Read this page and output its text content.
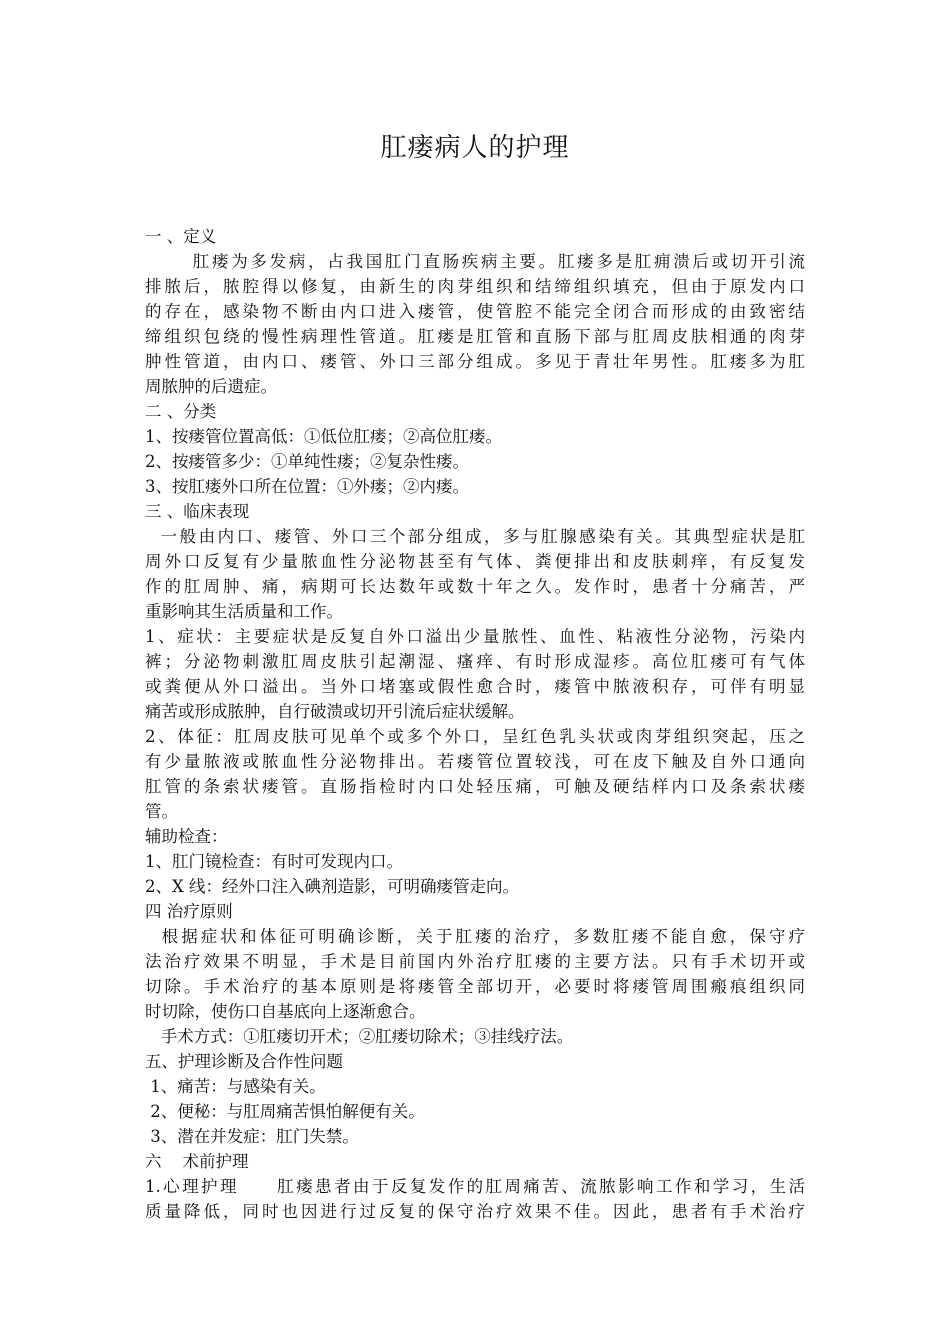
肛瘘病人的护理
一 、定义
肛瘘为多发病，占我国肛门直肠疾病主要。肛瘘多是肛痈溃后或切开引流
排脓后，脓腔得以修复，由新生的肉芽组织和结缔组织填充，但由于原发内口
的存在，感染物不断由内口进入瘘管，使管腔不能完全闭合而形成的由致密结
缔组织包绕的慢性病理性管道。肛瘘是肛管和直肠下部与肛周皮肤相通的肉芽
肿性管道，由内口、瘘管、外口三部分组成。多见于青壮年男性。肛瘘多为肛
周脓肿的后遗症。
二 、分类
1、按瘘管位置高低：①低位肛瘘；②高位肛瘘。
2、按瘘管多少：①单纯性瘘；②复杂性瘘。
3、按肛瘘外口所在位置：①外瘘；②内瘘。
三 、临床表现
一般由内口、瘘管、外口三个部分组成，多与肛腺感染有关。其典型症状是肛
周外口反复有少量脓血性分泌物甚至有气体、粪便排出和皮肤刺痒，有反复发
作的肛周肿、痛，病期可长达数年或数十年之久。发作时，患者十分痛苦，严
重影响其生活质量和工作。
1、症状：主要症状是反复自外口溢出少量脓性、血性、粘液性分泌物，污染内
裤；分泌物刺激肛周皮肤引起潮湿、瘙痒、有时形成湿疹。高位肛瘘可有气体
或粪便从外口溢出。当外口堵塞或假性愈合时，瘘管中脓液积存，可伴有明显
痛苦或形成脓肿，自行破溃或切开引流后症状缓解。
2、体征：肛周皮肤可见单个或多个外口，呈红色乳头状或肉芽组织突起，压之
有少量脓液或脓血性分泌物排出。若瘘管位置较浅，可在皮下触及自外口通向
肛管的条索状瘘管。直肠指检时内口处轻压痛，可触及硬结样内口及条索状瘘
管。
辅助检查：
1、肛门镜检查：有时可发现内口。
2、X 线：经外口注入碘剂造影，可明确瘘管走向。
四 治疗原则
根据症状和体征可明确诊断，关于肛瘘的治疗，多数肛瘘不能自愈，保守疗
法治疗效果不明显，手术是目前国内外治疗肛瘘的主要方法。只有手术切开或
切除。手术治疗的基本原则是将瘘管全部切开，必要时将瘘管周围瘢痕组织同
时切除，使伤口自基底向上逐渐愈合。
手术方式：①肛瘘切开术；②肛瘘切除术；③挂线疗法。
五、护理诊断及合作性问题
1、痛苦：与感染有关。
2、便秘：与肛周痛苦惧怕解便有关。
3、潜在并发症：肛门失禁。
六    术前护理
1.心理护理     肛瘘患者由于反复发作的肛周痛苦、流脓影响工作和学习，生活
质量降低，同时也因进行过反复的保守治疗效果不佳。因此，患者有手术治疗
